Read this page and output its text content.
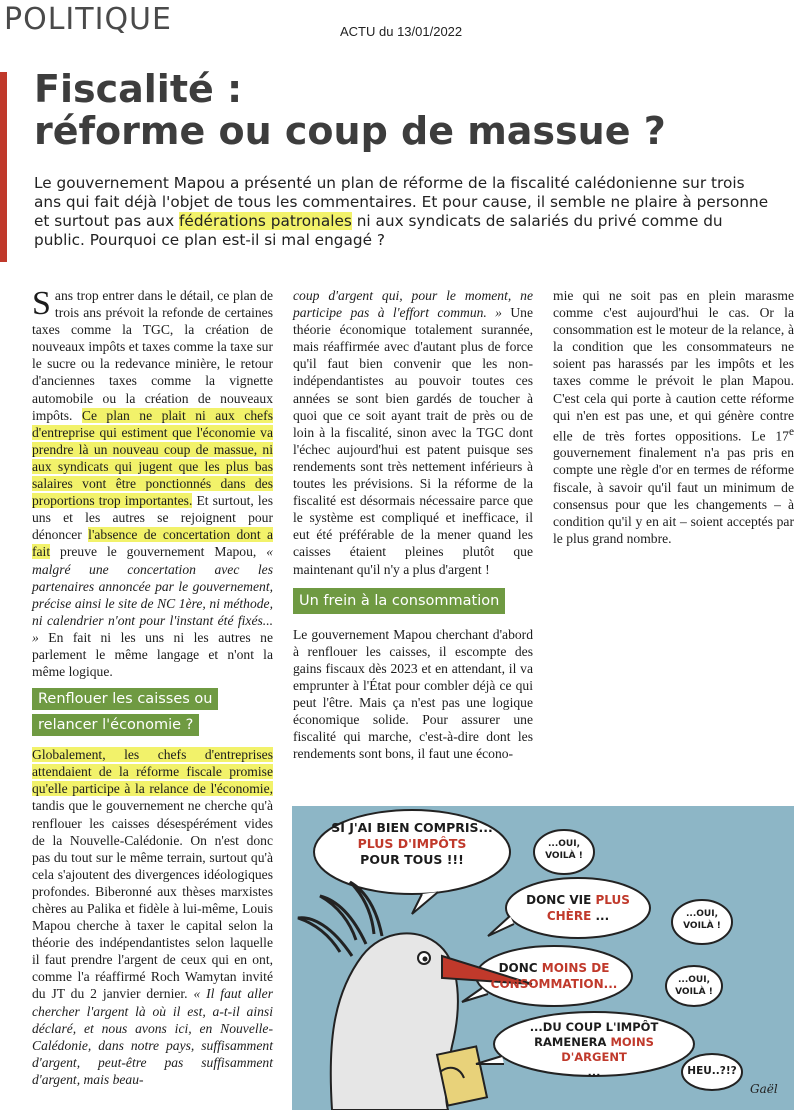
POLITIQUE	ACTU du 13/01/2022
Fiscalité :
réforme ou coup de massue ?

Le gouvernement Mapou a présenté un plan de réforme de la fiscalité calédonienne sur trois ans qui fait déjà l'objet de tous les commentaires. Et pour cause, il semble ne plaire à personne et surtout pas aux fédérations patronales ni aux syndicats de salariés du privé comme du public. Pourquoi ce plan est-il si mal engagé ?

Sans trop entrer dans le détail, ce plan de trois ans prévoit la refonde de certaines taxes comme la TGC, la création de nouveaux impôts et taxes comme la taxe sur le sucre ou la redevance minière, le retour d'anciennes taxes comme la vignette automobile ou la création de nouveaux impôts. Ce plan ne plait ni aux chefs d'entreprise qui estiment que l'économie va prendre là un nouveau coup de massue, ni aux syndicats qui jugent que les plus bas salaires vont être ponctionnés dans des proportions trop importantes. Et surtout, les uns et les autres se rejoignent pour dénoncer l'absence de concertation dont a fait preuve le gouvernement Mapou, « malgré une concertation avec les partenaires annoncée par le gouvernement, précise ainsi le site de NC 1ère, ni méthode, ni calendrier n'ont pour l'instant été fixés... » En fait ni les uns ni les autres ne parlement le même langage et n'ont la même logique.

Renflouer les caisses ou
relancer l'économie ?

Globalement, les chefs d'entreprises attendaient de la réforme fiscale promise qu'elle participe à la relance de l'économie, tandis que le gouvernement ne cherche qu'à renflouer les caisses désespérément vides de la Nouvelle-Calédonie. On n'est donc pas du tout sur le même terrain, surtout qu'à cela s'ajoutent des divergences idéologiques profondes. Biberonné aux thèses marxistes chères au Palika et fidèle à lui-même, Louis Mapou cherche à taxer le capital selon la théorie des indépendantistes selon laquelle il faut prendre l'argent de ceux qui en ont, comme l'a réaffirmé Roch Wamytan invité du JT du 2 janvier dernier. « Il faut aller chercher l'argent là où il est, a-t-il ainsi déclaré, et nous avons ici, en Nouvelle-Calédonie, dans notre pays, suffisamment d'argent, peut-être pas suffisamment d'argent, mais beau-

coup d'argent qui, pour le moment, ne participe pas à l'effort commun. » Une théorie économique totalement surannée, mais réaffirmée avec d'autant plus de force qu'il faut bien convenir que les non-indépendantistes au pouvoir toutes ces années se sont bien gardés de toucher à quoi que ce soit ayant trait de près ou de loin à la fiscalité, sinon avec la TGC dont l'échec aujourd'hui est patent puisque ses rendements sont très nettement inférieurs à toutes les prévisions. Si la réforme de la fiscalité est désormais nécessaire parce que le système est compliqué et inefficace, il eut été préférable de la mener quand les caisses étaient pleines plutôt que maintenant qu'il n'y a plus d'argent !

Un frein à la consommation

Le gouvernement Mapou cherchant d'abord à renflouer les caisses, il escompte des gains fiscaux dès 2023 et en attendant, il va emprunter à l'État pour combler déjà ce qui peut l'être. Mais ça n'est pas une logique économique solide. Pour assurer une fiscalité qui marche, c'est-à-dire dont les rendements sont bons, il faut une écono-

mie qui ne soit pas en plein marasme comme c'est aujourd'hui le cas. Or la consommation est le moteur de la relance, à la condition que les consommateurs ne soient pas harassés par les impôts et les taxes comme le prévoit le plan Mapou. C'est cela qui porte à caution cette réforme qui n'en est pas une, et qui génère contre elle de très fortes oppositions. Le 17e gouvernement finalement n'a pas pris en compte une règle d'or en termes de réforme fiscale, à savoir qu'il faut un minimum de consensus pour que les changements – à condition qu'il y en ait – soient acceptés par le plus grand nombre.

SI J'AI BIEN COMPRIS...
PLUS D'IMPÔTS
POUR TOUS !!!
...OUI,
VOILÀ !
DONC VIE PLUS
CHÈRE ...	...OUI,
VOILÀ !
DONC MOINS DE
CONSOMMATION...	...OUI,
VOILÀ !
...DU COUP L'IMPÔT
RAMENERA MOINS D'ARGENT
...	HEU..?!?
Gaël
